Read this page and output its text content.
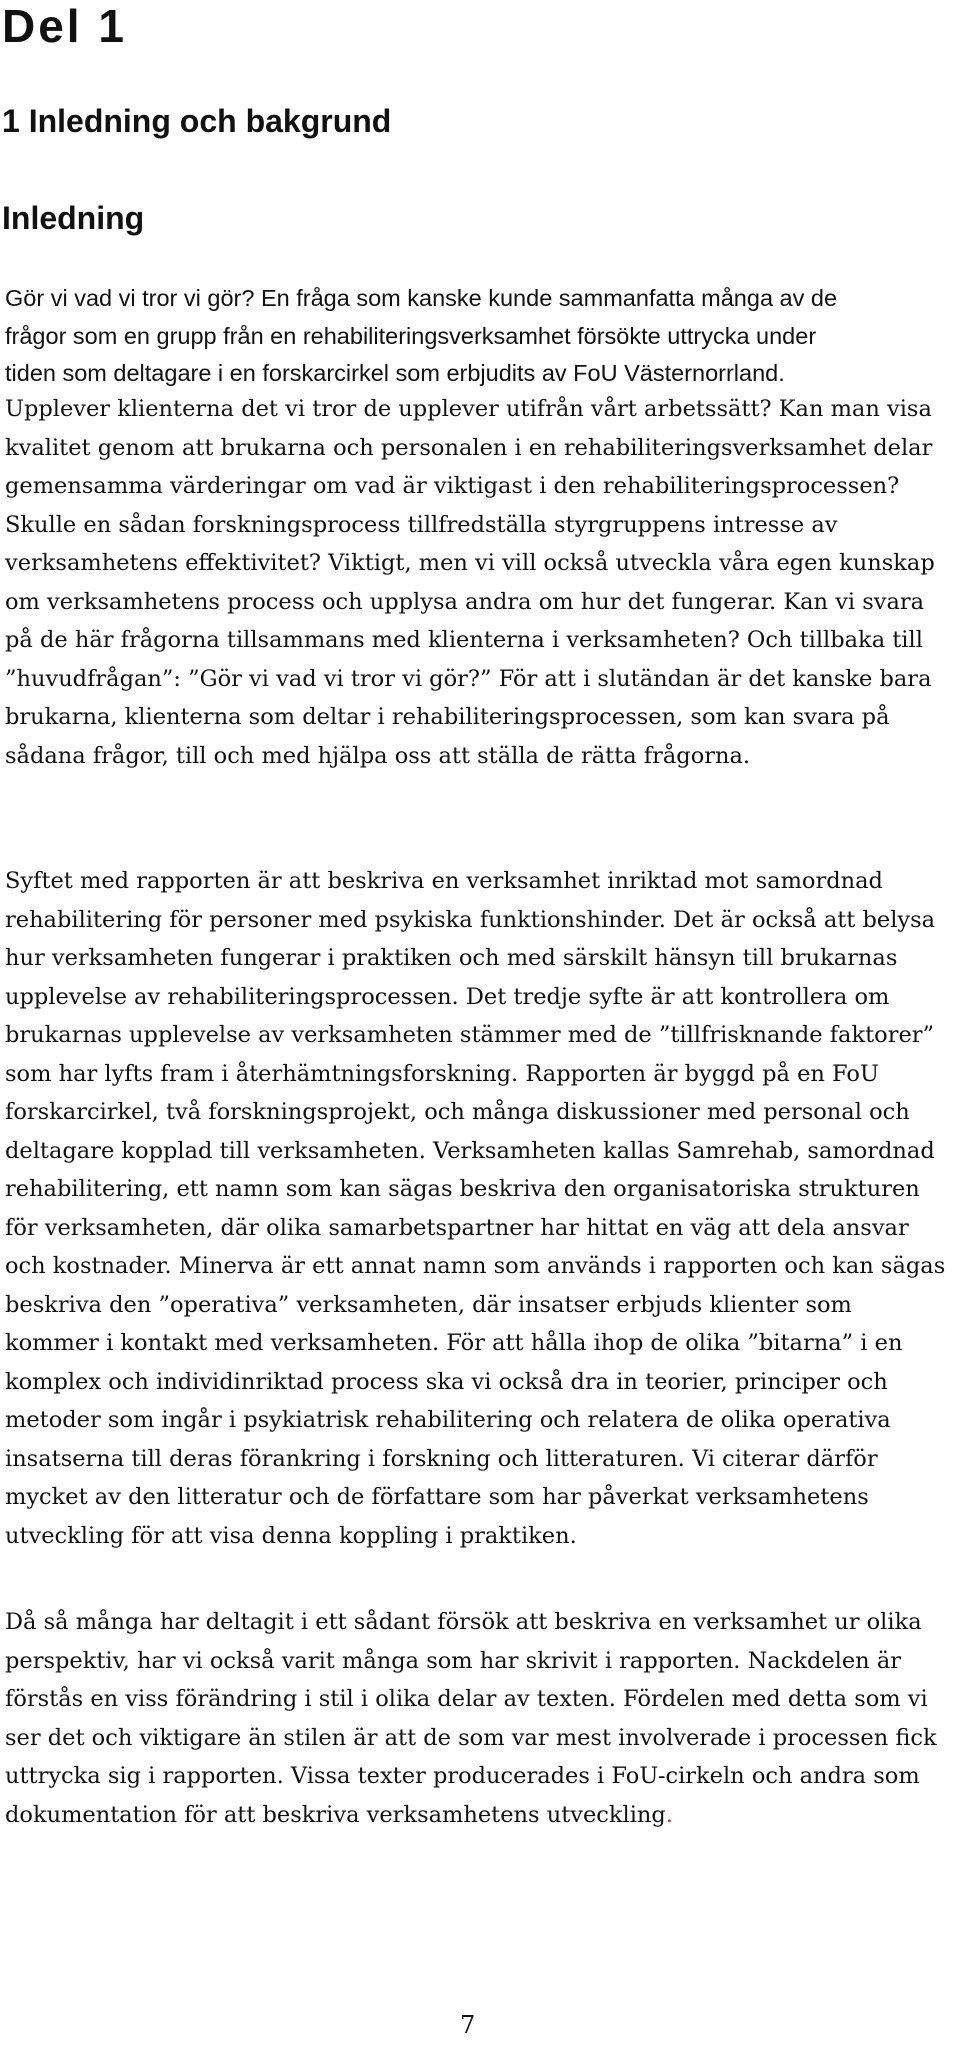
Del 1
1 Inledning och bakgrund
Inledning
Gör vi vad vi tror vi gör? En fråga som kanske kunde sammanfatta många av de
frågor som en grupp från en rehabiliteringsverksamhet försökte uttrycka under
tiden som deltagare i en forskarcirkel som erbjudits av FoU Västernorrland.

Upplever klienterna det vi tror de upplever utifrån vårt arbetssätt? Kan man visa kvalitet genom att brukarna och personalen i en rehabiliteringsverksamhet delar gemensamma värderingar om vad är viktigast i den rehabiliteringsprocessen? Skulle en sådan forskningsprocess tillfredställa styrgruppens intresse av verksamhetens effektivitet? Viktigt, men vi vill också utveckla våra egen kunskap om verksamhetens process och upplysa andra om hur det fungerar. Kan vi svara på de här frågorna tillsammans med klienterna i verksamheten? Och tillbaka till ”huvudfrågan”: ”Gör vi vad vi tror vi gör?” För att i slutändan är det kanske bara brukarna, klienterna som deltar i rehabiliteringsprocessen, som kan svara på sådana frågor, till och med hjälpa oss att ställa de rätta frågorna.

Syftet med rapporten är att beskriva en verksamhet inriktad mot samordnad rehabilitering för personer med psykiska funktionshinder. Det är också att belysa hur verksamheten fungerar i praktiken och med särskilt hänsyn till brukarnas upplevelse av rehabiliteringsprocessen. Det tredje syfte är att kontrollera om brukarnas upplevelse av verksamheten stämmer med de ”tillfrisknande faktorer” som har lyfts fram i återhämtningsforskning. Rapporten är byggd på en FoU forskarcirkel, två forskningsprojekt, och många diskussioner med personal och deltagare kopplad till verksamheten. Verksamheten kallas Samrehab, samordnad rehabilitering, ett namn som kan sägas beskriva den organisatoriska strukturen för verksamheten, där olika samarbetspartner har hittat en väg att dela ansvar och kostnader. Minerva är ett annat namn som används i rapporten och kan sägas beskriva den ”operativa” verksamheten, där insatser erbjuds klienter som kommer i kontakt med verksamheten. För att hålla ihop de olika ”bitarna” i en komplex och individinriktad process ska vi också dra in teorier, principer och metoder som ingår i psykiatrisk rehabilitering och relatera de olika operativa insatserna till deras förankring i forskning och litteraturen. Vi citerar därför mycket av den litteratur och de författare som har påverkat verksamhetens utveckling för att visa denna koppling i praktiken.

Då så många har deltagit i ett sådant försök att beskriva en verksamhet ur olika perspektiv, har vi också varit många som har skrivit i rapporten. Nackdelen är förstås en viss förändring i stil i olika delar av texten. Fördelen med detta som vi ser det och viktigare än stilen är att de som var mest involverade i processen fick uttrycka sig i rapporten. Vissa texter producerades i FoU-cirkeln och andra som dokumentation för att beskriva verksamhetens utveckling.

7
